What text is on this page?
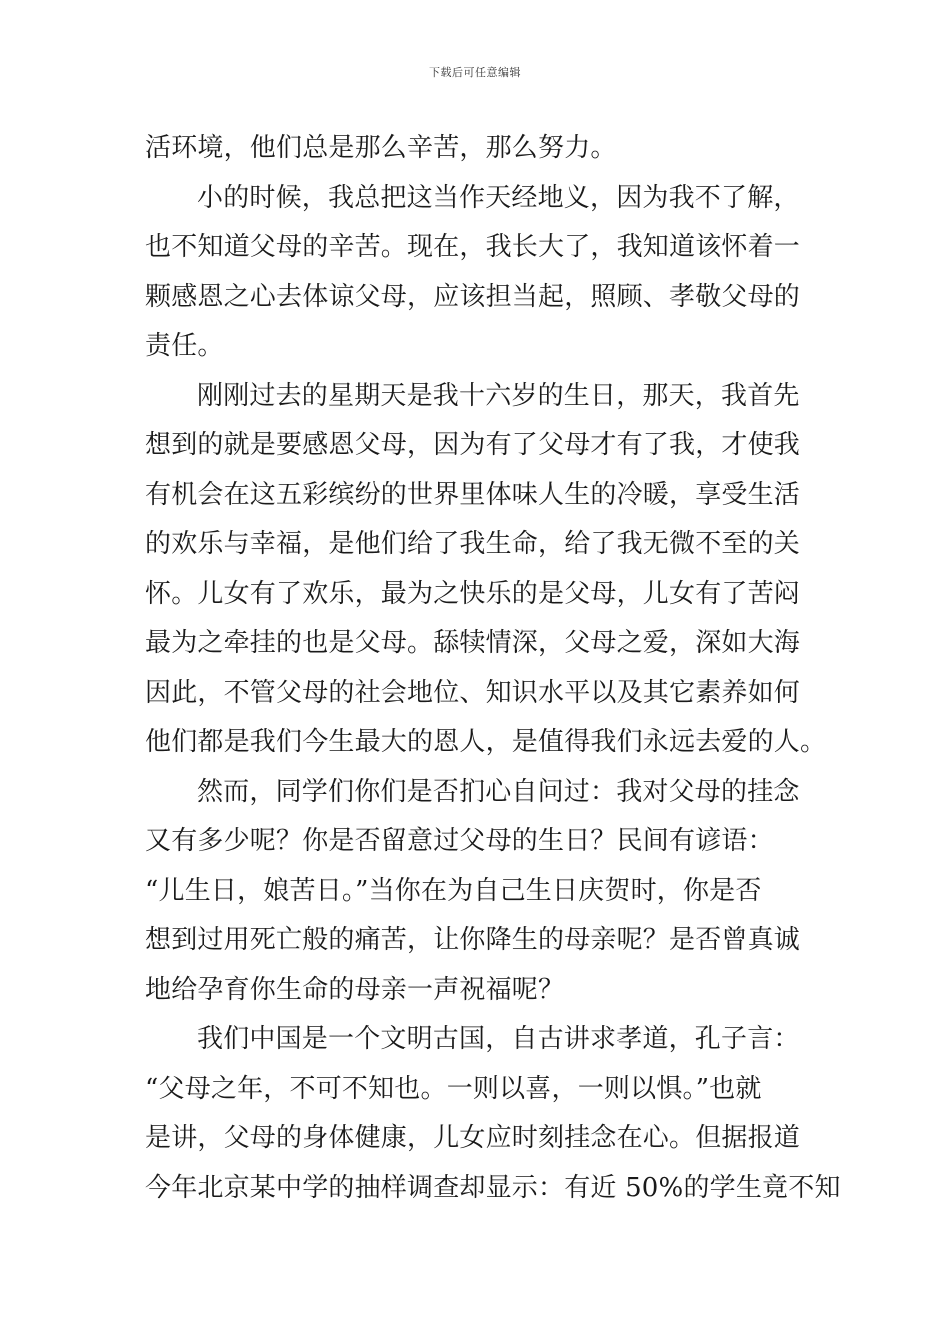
下载后可任意编辑
活环境，他们总是那么辛苦，那么努力。
小的时候，我总把这当作天经地义，因为我不了解，
也不知道父母的辛苦。现在，我长大了，我知道该怀着一
颗感恩之心去体谅父母，应该担当起，照顾、孝敬父母的
责任。
刚刚过去的星期天是我十六岁的生日，那天，我首先
想到的就是要感恩父母，因为有了父母才有了我，才使我
有机会在这五彩缤纷的世界里体味人生的冷暖，享受生活
的欢乐与幸福，是他们给了我生命，给了我无微不至的关
怀。儿女有了欢乐，最为之快乐的是父母，儿女有了苦闷
最为之牵挂的也是父母。舔犊情深，父母之爱，深如大海
因此，不管父母的社会地位、知识水平以及其它素养如何
他们都是我们今生最大的恩人，是值得我们永远去爱的人。
然而，同学们你们是否扪心自问过：我对父母的挂念
又有多少呢？你是否留意过父母的生日？民间有谚语：
“儿生日，娘苦日。”当你在为自己生日庆贺时，你是否
想到过用死亡般的痛苦，让你降生的母亲呢？是否曾真诚
地给孕育你生命的母亲一声祝福呢？
我们中国是一个文明古国，自古讲求孝道，孔子言：
“父母之年，不可不知也。一则以喜，一则以惧。”也就
是讲，父母的身体健康，儿女应时刻挂念在心。但据报道
今年北京某中学的抽样调查却显示：有近 50%的学生竟不知
